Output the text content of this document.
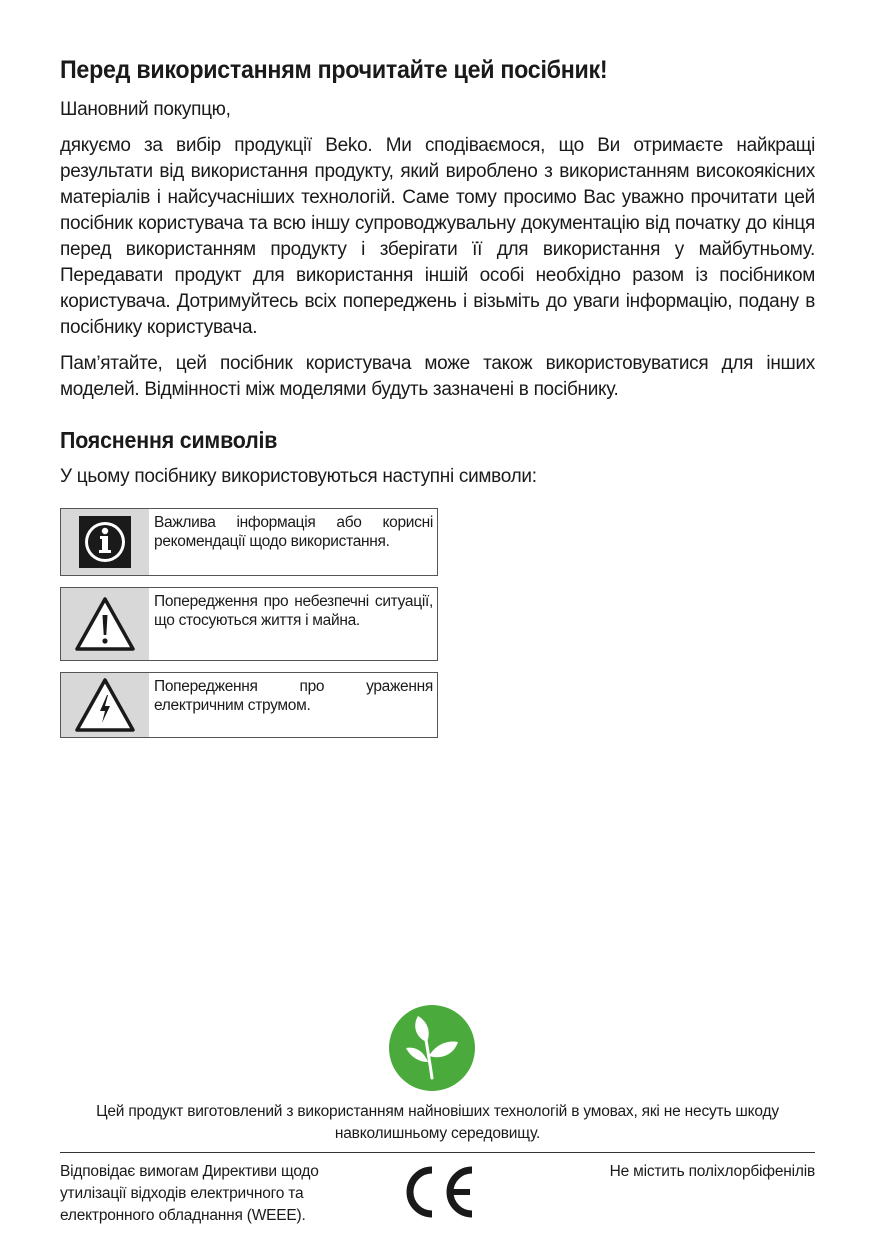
Перед використанням прочитайте цей посібник!

Шановний покупцю,

дякуємо за вибір продукції Beko. Ми сподіваємося, що Ви отримаєте найкращі результати від використання продукту, який вироблено з використанням високоякісних матеріалів і найсучасніших технологій. Саме тому просимо Вас уважно прочитати цей посібник користувача та всю іншу супроводжувальну документацію від початку до кінця перед використанням продукту і зберігати її для використання у майбутньому. Передавати продукт для використання іншій особі необхідно разом із посібником користувача. Дотримуйтесь всіх попереджень і візьміть до уваги інформацію, подану в посібнику користувача.

Пам’ятайте, цей посібник користувача може також використовуватися для інших моделей. Відмінності між моделями будуть зазначені в посібнику.

Пояснення символів

У цьому посібнику використовуються наступні символи:

Важлива інформація або корисні рекомендації щодо використання.
Попередження про небезпечні ситуації, що стосуються життя і майна.
Попередження про ураження електричним струмом.
Цей продукт виготовлений з використанням найновіших технологій в умовах, які не несуть шкоду навколишньому середовищу.
Відповідає вимогам Директиви щодо утилізації відходів електричного та електронного обладнання (WEEE).
Не містить поліхлорбіфенілів
